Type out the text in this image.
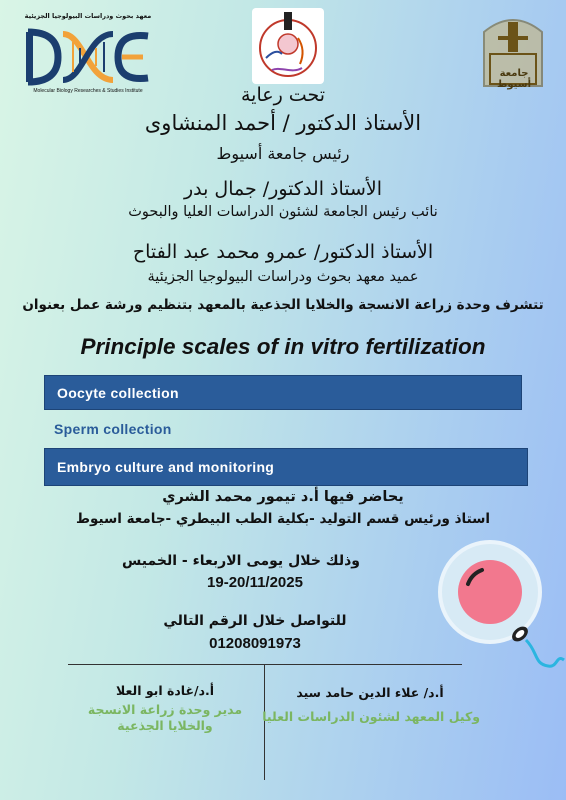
معهد بحوث ودراسات البيولوجيا الجزيئية
Molecular Biology Researches & Studies Institute
جامعة أسيوط
تحت رعاية
الأستاذ الدكتور / أحمد المنشاوى
رئيس جامعة أسيوط
الأستاذ الدكتور/ جمال بدر
نائب رئيس الجامعة لشئون الدراسات العليا والبحوث
الأستاذ الدكتور/ عمرو محمد عبد الفتاح
عميد معهد بحوث ودراسات البيولوجيا الجزيئية
تتشرف وحدة زراعة الانسجة والخلايا الجذعية بالمعهد بتنظيم ورشة عمل بعنوان
Principle scales of in vitro fertilization
Oocyte collection
Sperm collection
Embryo culture and monitoring
يحاضر فيها أ.د تيمور محمد الشري
استاذ ورئيس قسم التوليد -بكلية الطب البيطري -جامعة اسيوط
وذلك خلال يومى الاربعاء - الخميس
19-20/11/2025
للتواصل خلال الرقم التالي
01208091973
أ.د/غادة ابو العلا
مدير وحدة زراعة الانسجة
والخلايا الجذعية
أ.د/ علاء الدين حامد سيد
وكيل المعهد لشئون الدراسات العليا
